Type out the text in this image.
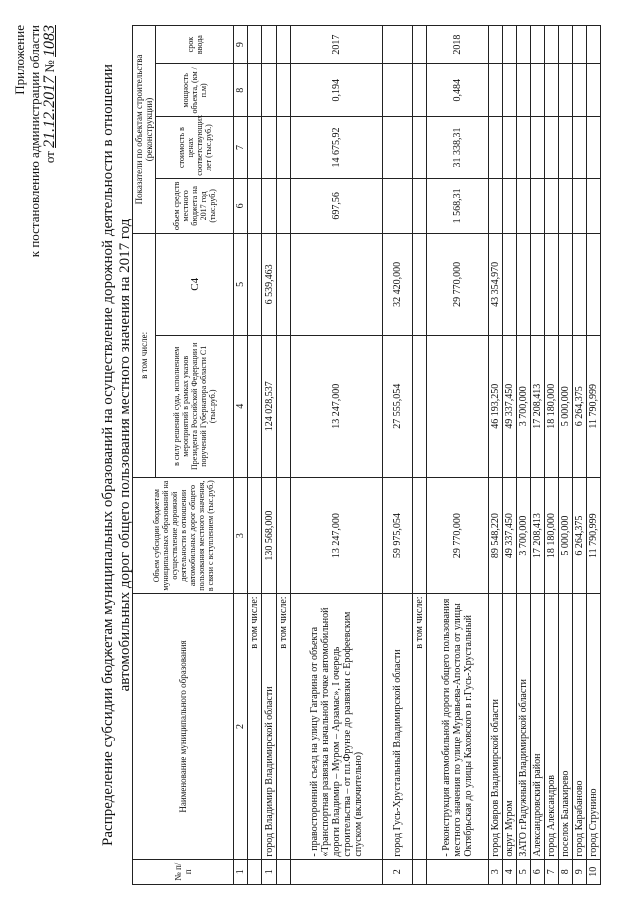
Приложение к постановлению администрации области от 21.12.2017 № 1083
Распределение субсидии бюджетам муниципальных образований на осуществление дорожной деятельности в отношении автомобильных дорог общего пользования местного значения на 2017 год
№ п/п	Наименование муниципального образования	Объем субсидии бюджетам муниципальных образований на осуществление дорожной деятельности в отношении автомобильных дорог общего пользования местного значения, в связи с вступлением (тыс.руб.)	в том числе:		Показатели по объектам строительства (реконструкции)			
			в силу решений суда, исполнением мероприятий в рамках указов Президента Российской Федерации и поручений Губернатора области С1 (тыс.руб.)	С4	объем средств местного бюджета на 2017 год (тыс.руб.)	стоимость в ценах соответствующих лет (тыс.руб.)	мощность объекта, (км / п.м)	срок ввода

1	2	3	4	5	6	7	8	9
	в том числе:							
1	город Владимир Владимирской области	130 568,000	124 028,537	6 539,463				
	в том числе:							
	- правосторонний съезд на улицу Гагарина от объекта «Транспортная развязка в начальной точке автомобильной дороги Владимир – Муром – Арзамас», I очередь строительства – от пл.Фрунзе до развязки с Ерофеевским спуском (включительно)	13 247,000	13 247,000		697,56	14 675,92	0,194	2017
2	город Гусь-Хрустальный Владимирской области	59 975,054	27 555,054	32 420,000				
	в том числе:							
	- Реконструкция автомобильной дороги общего пользования местного значения по улице Муравьева-Апостола от улицы Октябрьская до улицы Каховского в г.Гусь-Хрустальный	29 770,000		29 770,000	1 568,31	31 338,31	0,484	2018
3	город Ковров Владимирской области	89 548,220	46 193,250	43 354,970				
4	округ Муром	49 337,450	49 337,450					
5	ЗАТО г.Радужный Владимирской области	3 700,000	3 700,000					
6	Александровский район	17 208,413	17 208,413					
7	город Александров	18 180,000	18 180,000					
8	поселок Балакирево	5 000,000	5 000,000					
9	город Карабаново	6 264,375	6 264,375					
10	город Струнино	11 790,999	11 790,999					
